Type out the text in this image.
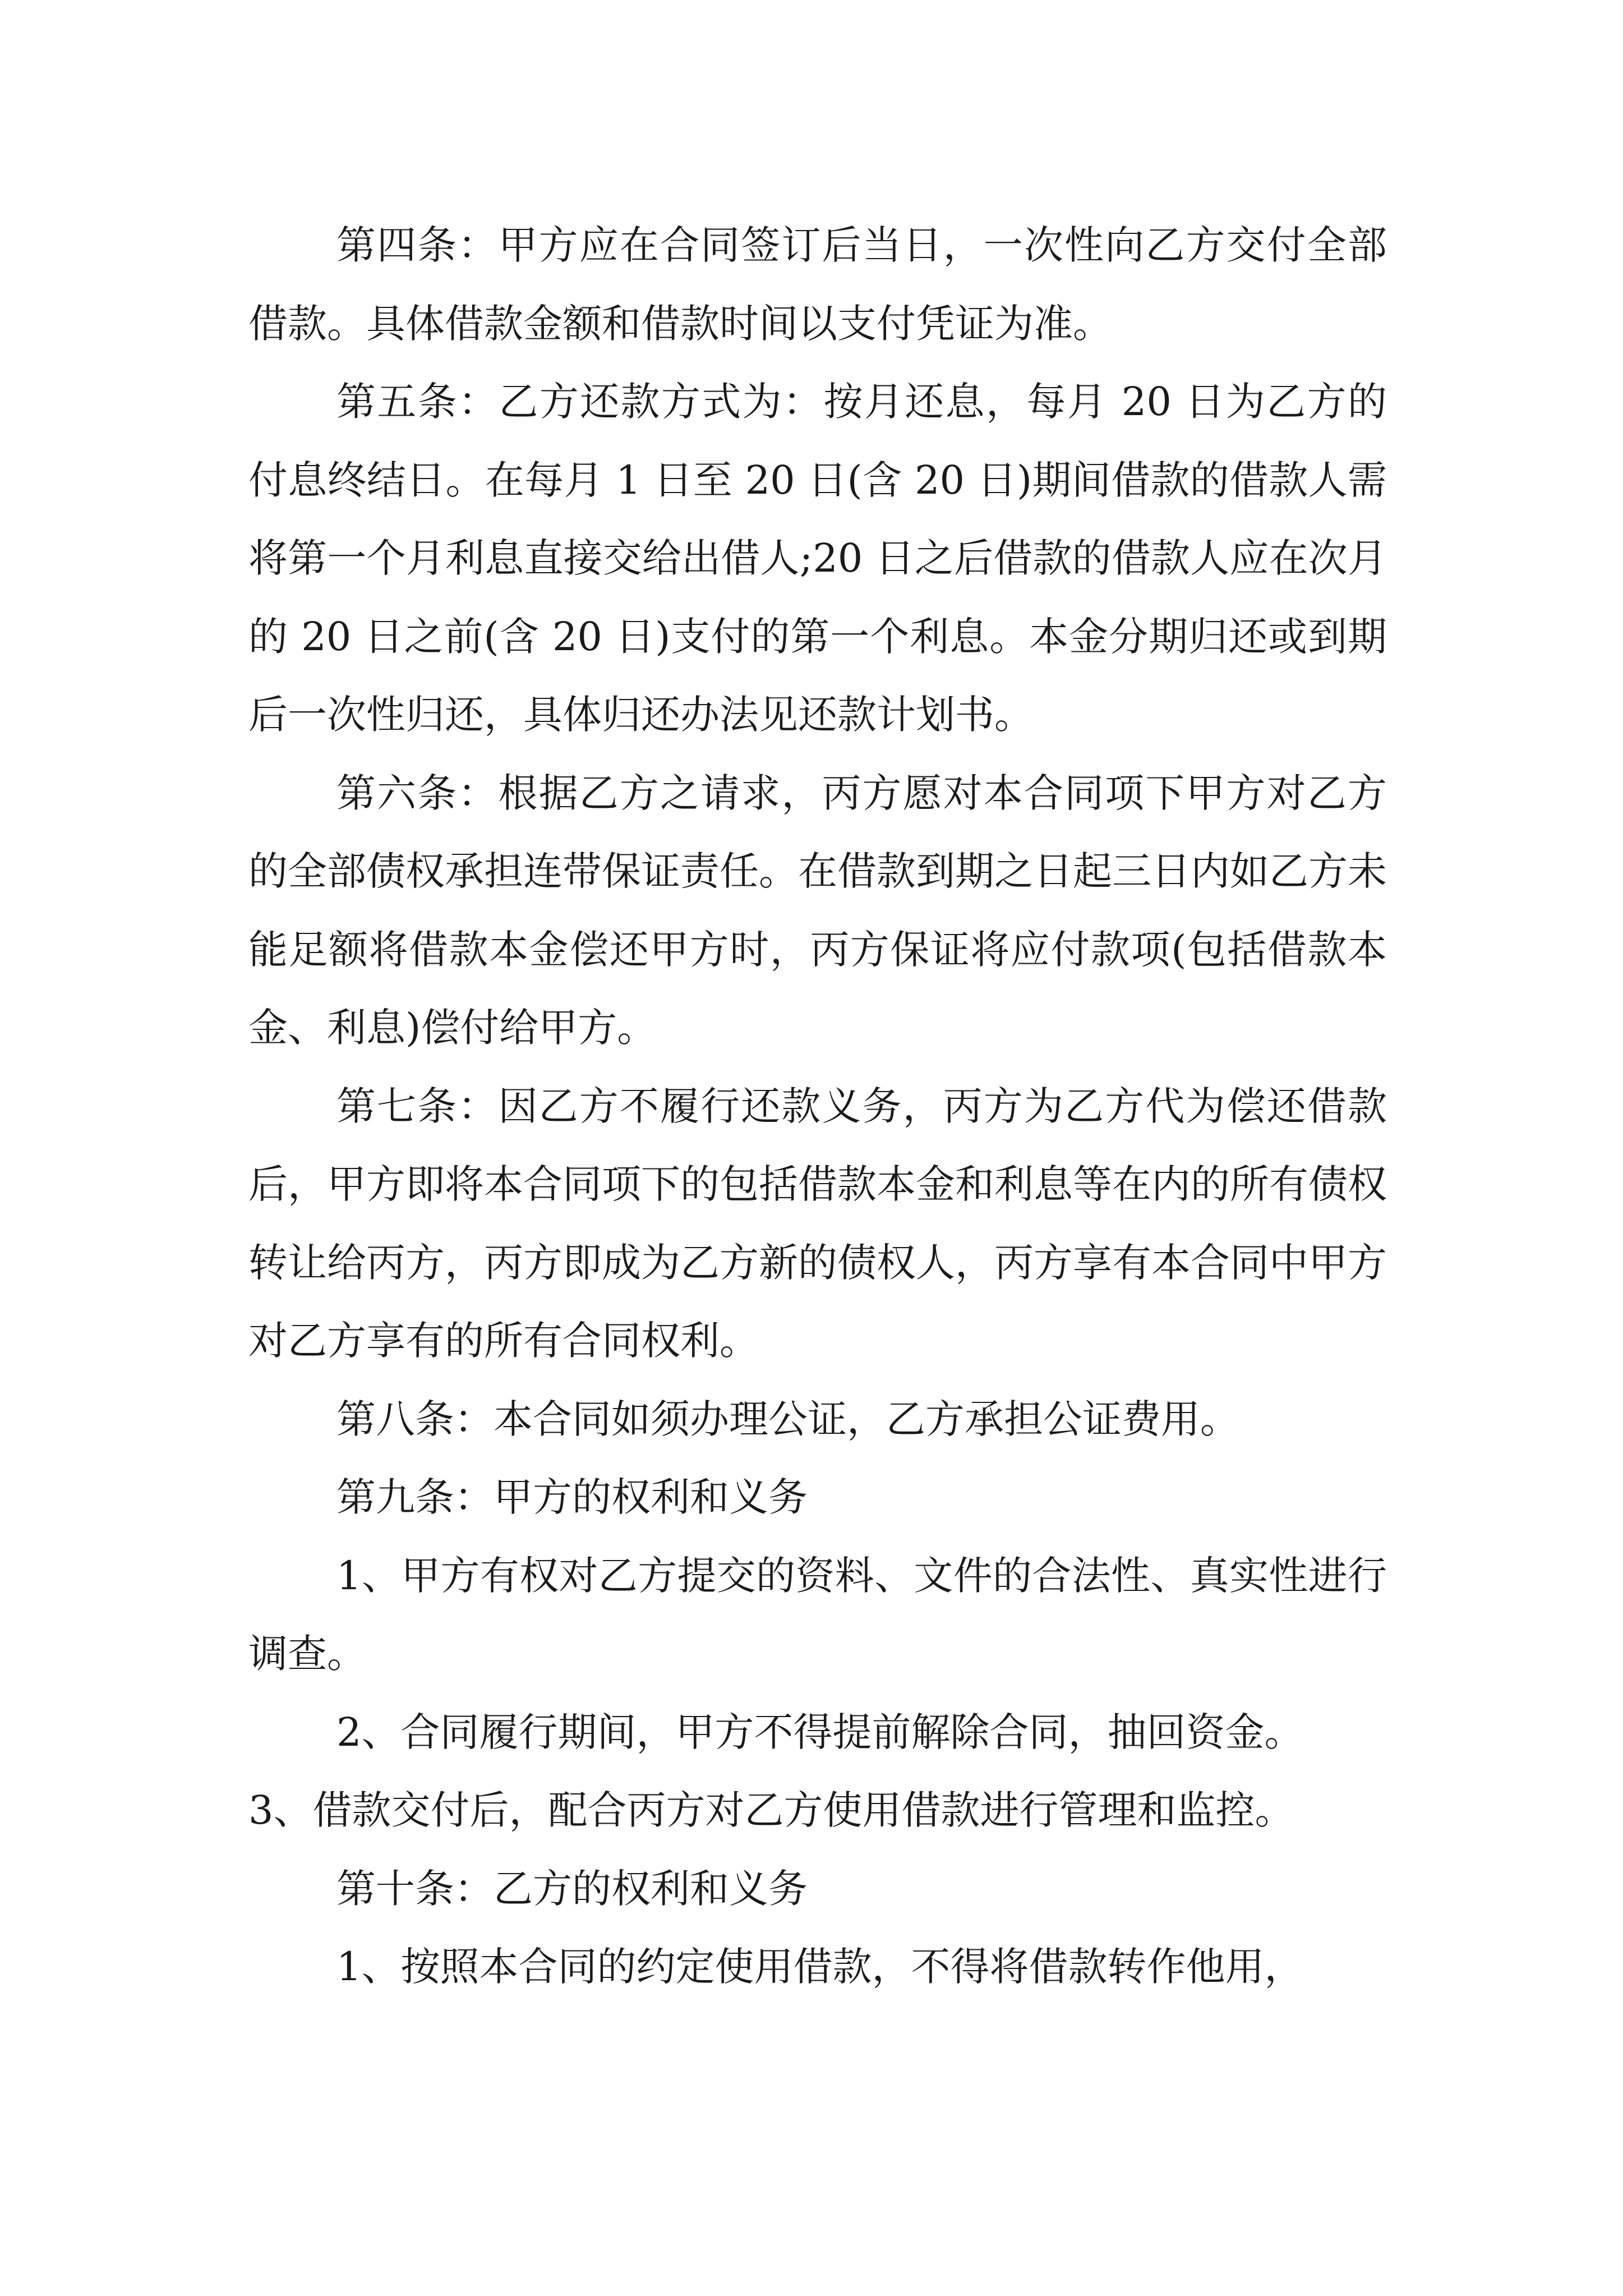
第四条：甲方应在合同签订后当日，一次性向乙方交付全部借款。具体借款金额和借款时间以支付凭证为准。

第五条：乙方还款方式为：按月还息，每月 20 日为乙方的付息终结日。在每月 1 日至 20 日(含 20 日)期间借款的借款人需将第一个月利息直接交给出借人;20 日之后借款的借款人应在次月的 20 日之前(含 20 日)支付的第一个利息。本金分期归还或到期后一次性归还，具体归还办法见还款计划书。

第六条：根据乙方之请求，丙方愿对本合同项下甲方对乙方的全部债权承担连带保证责任。在借款到期之日起三日内如乙方未能足额将借款本金偿还甲方时，丙方保证将应付款项(包括借款本金、利息)偿付给甲方。

第七条：因乙方不履行还款义务，丙方为乙方代为偿还借款后，甲方即将本合同项下的包括借款本金和利息等在内的所有债权转让给丙方，丙方即成为乙方新的债权人，丙方享有本合同中甲方对乙方享有的所有合同权利。

第八条：本合同如须办理公证，乙方承担公证费用。

第九条：甲方的权利和义务

1、甲方有权对乙方提交的资料、文件的合法性、真实性进行调查。

2、合同履行期间，甲方不得提前解除合同，抽回资金。

3、借款交付后，配合丙方对乙方使用借款进行管理和监控。

第十条：乙方的权利和义务

1、按照本合同的约定使用借款，不得将借款转作他用，
